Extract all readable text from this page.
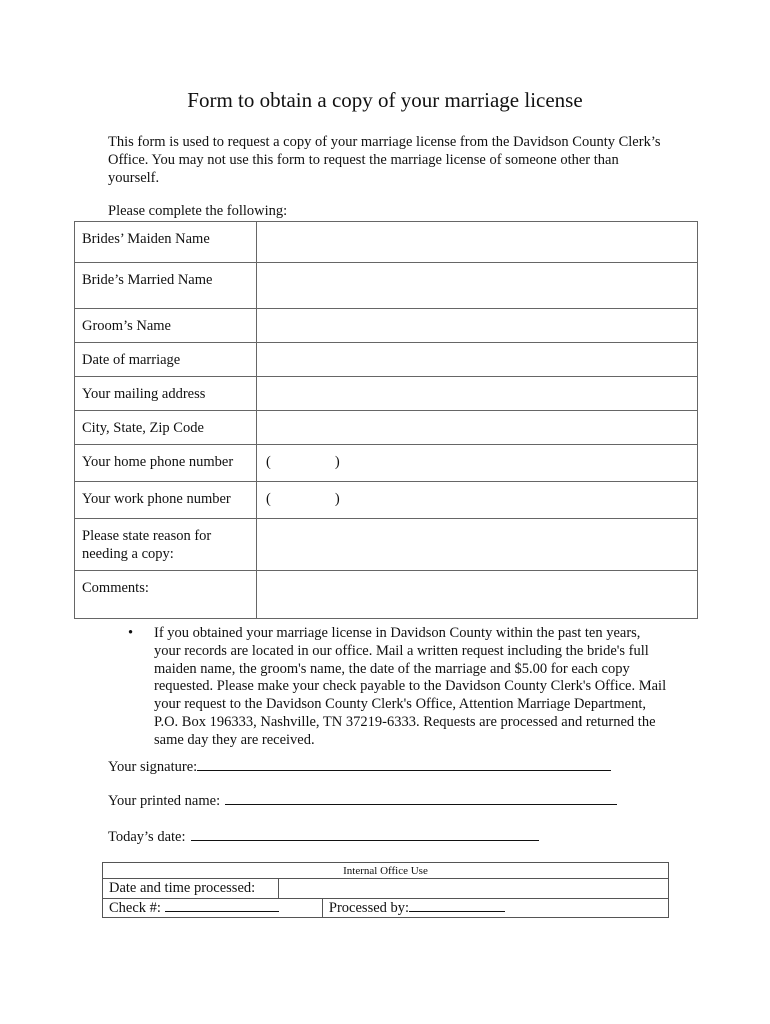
Form to obtain a copy of your marriage license
This form is used to request a copy of your marriage license from the Davidson County Clerk’s Office. You may not use this form to request the marriage license of someone other than yourself.
Please complete the following:
Brides’ Maiden Name	
Bride’s Married Name	
Groom’s Name	
Date of marriage	
Your mailing address	
City, State, Zip Code	
Your home phone number	( )
Your work phone number	( )
Please state reason for needing a copy:	
Comments:	
• If you obtained your marriage license in Davidson County within the past ten years, your records are located in our office. Mail a written request including the bride's full maiden name, the groom's name, the date of the marriage and $5.00 for each copy requested. Please make your check payable to the Davidson County Clerk's Office. Mail your request to the Davidson County Clerk's Office, Attention Marriage Department, P.O. Box 196333, Nashville, TN 37219-6333. Requests are processed and returned the same day they are received.
Your signature:
Your printed name:
Today’s date:
Internal Office Use		
Date and time processed:		
Check #:		Processed by:
